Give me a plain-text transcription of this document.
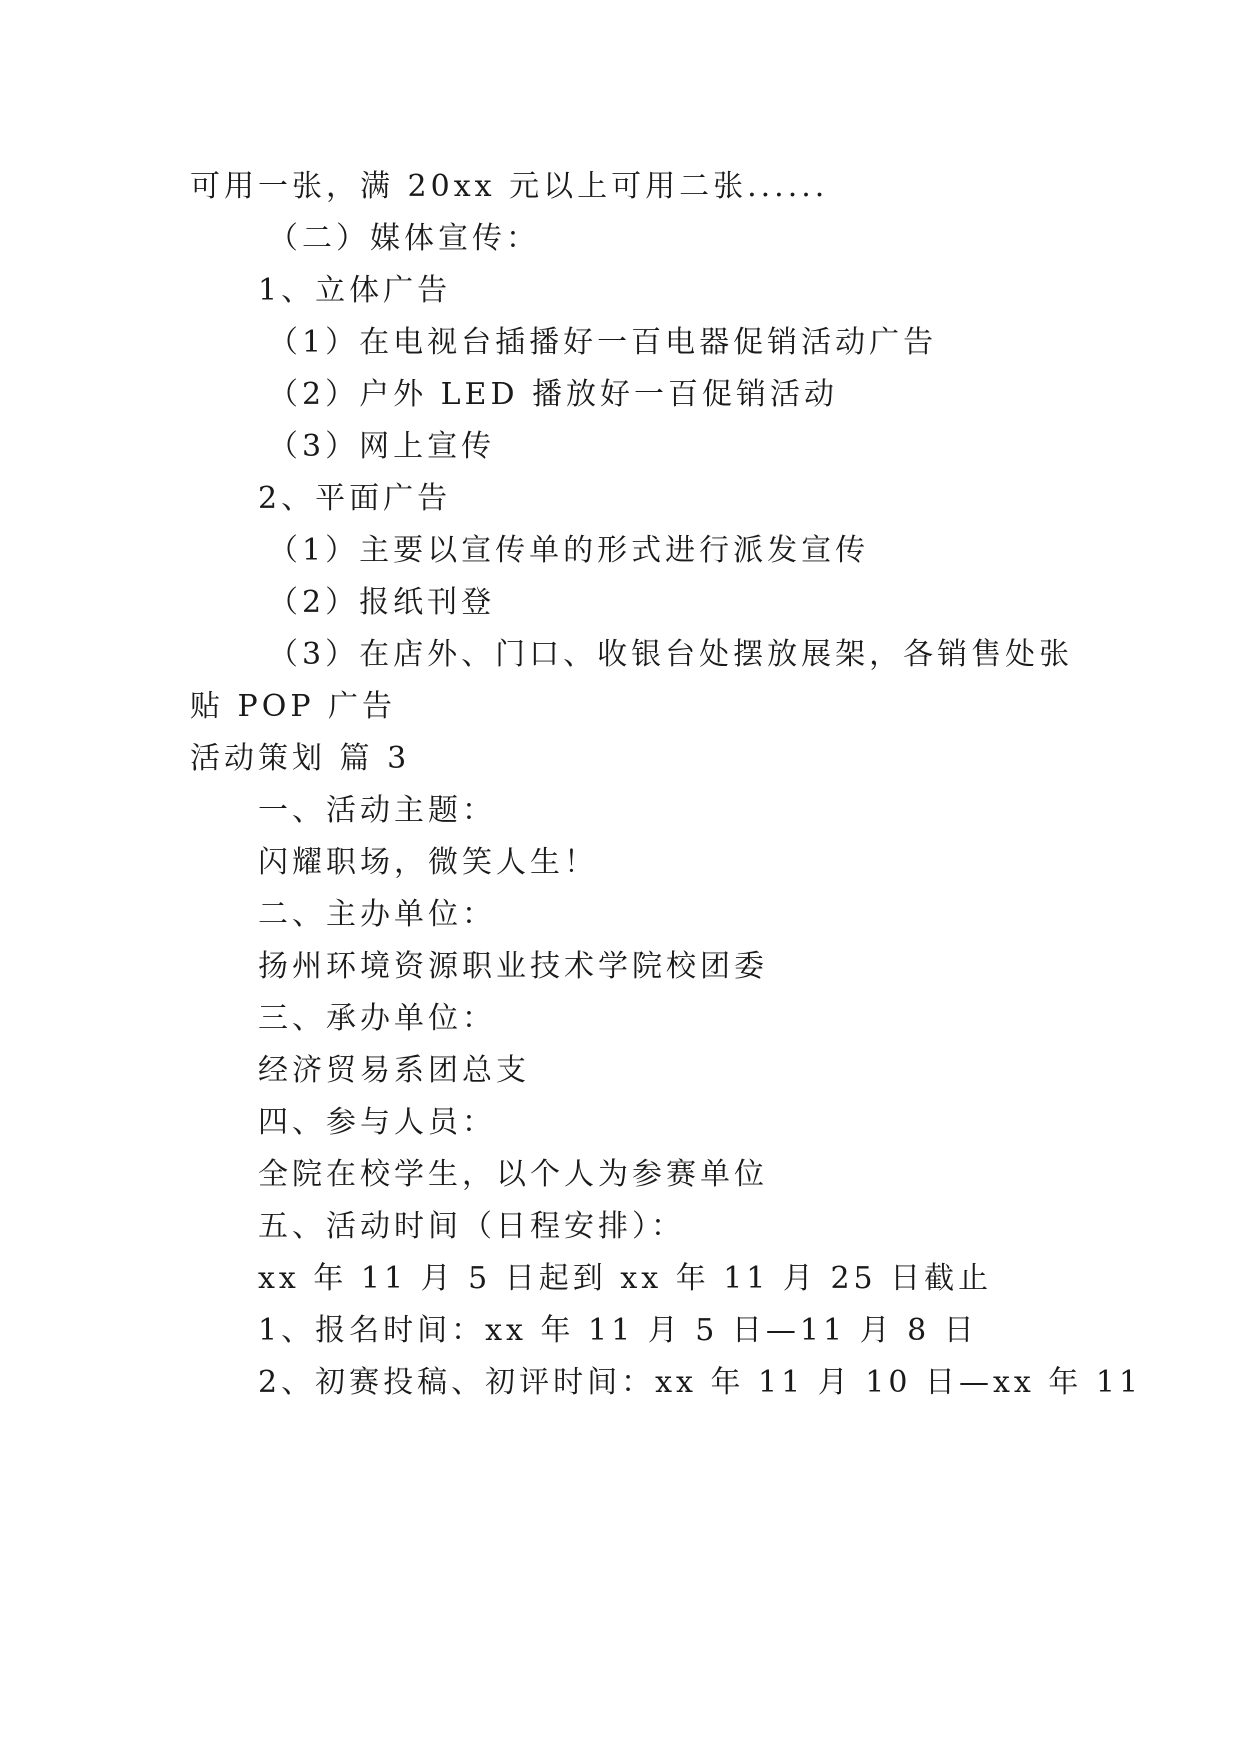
可用一张，满 20xx 元以上可用二张......
（二）媒体宣传：
1、立体广告
（1）在电视台插播好一百电器促销活动广告
（2）户外 LED 播放好一百促销活动
（3）网上宣传
2、平面广告
（1）主要以宣传单的形式进行派发宣传
（2）报纸刊登
（3）在店外、门口、收银台处摆放展架，各销售处张
贴 POP 广告
活动策划 篇 3
一、活动主题：
闪耀职场，微笑人生！
二、主办单位：
扬州环境资源职业技术学院校团委
三、承办单位：
经济贸易系团总支
四、参与人员：
全院在校学生，以个人为参赛单位
五、活动时间（日程安排）：
xx 年 11 月 5 日起到 xx 年 11 月 25 日截止
1、报名时间：xx 年 11 月 5 日—11 月 8 日
2、初赛投稿、初评时间：xx 年 11 月 10 日—xx 年 11
